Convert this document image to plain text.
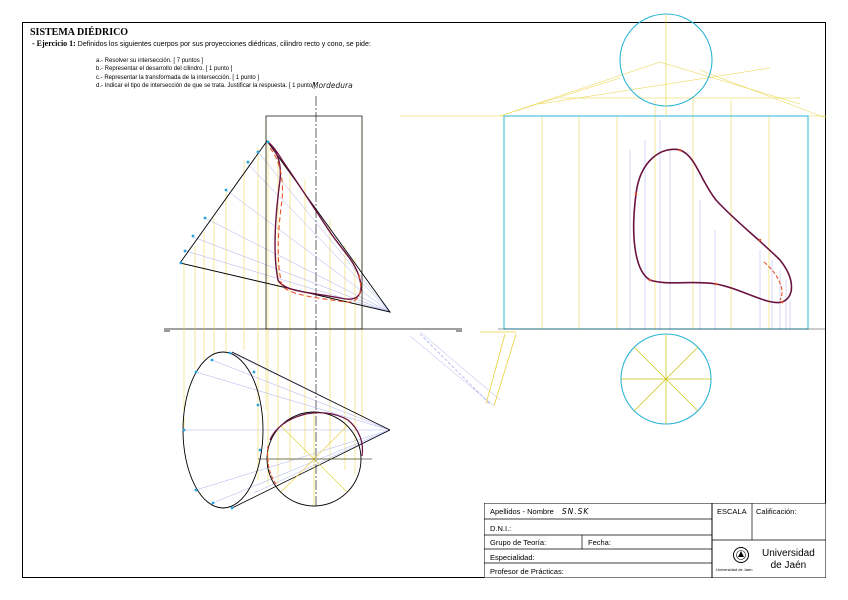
SISTEMA DIÉDRICO
- Ejercicio 1: Definidos los siguientes cuerpos por sus proyecciones diédricas, cilindro recto y cono, se pide:
a.- Resolver su intersección. [ 7 puntos ]
b.- Representar el desarrollo del cilindro. [ 1 punto ]
c.- Representar la transformada de la intersección. [ 1 punto ]
d.- Indicar el tipo de intersección de que se trata. Justificar la respuesta. [ 1 punto ]
Mordedura
Apellidos - Nombre SN.SK
D.N.I.:
Grupo de Teoría:	Fecha:
Especialidad:
Profesor de Prácticas:
ESCALA Calificación:
Universidad de Jaén
Universidad
de Jaén
